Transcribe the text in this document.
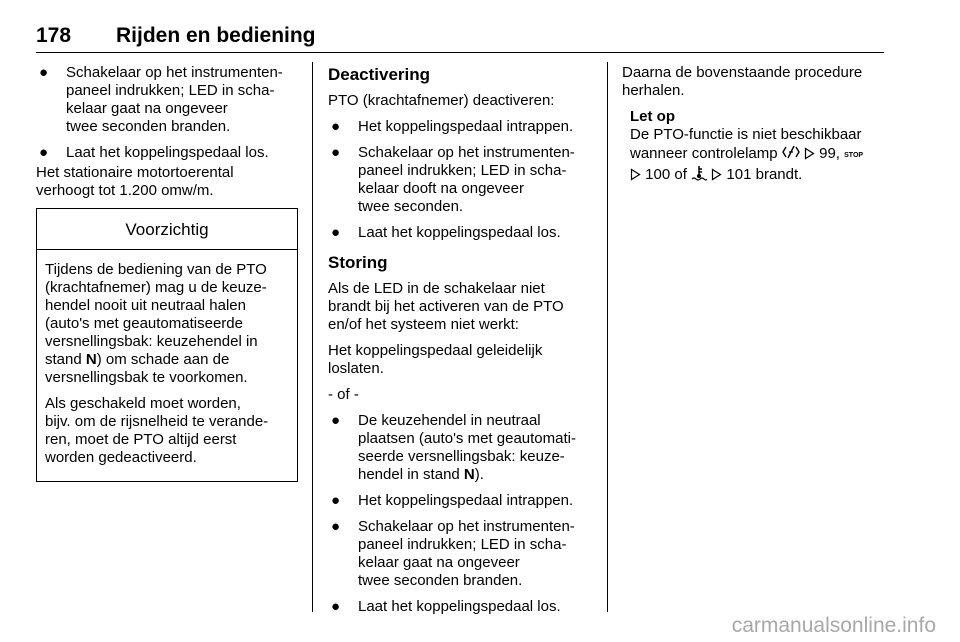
178 Rijden en bediening
● Schakelaar op het instrumenten-
paneel indrukken; LED in scha-
kelaar gaat na ongeveer
twee seconden branden.
● Laat het koppelingspedaal los.
Het stationaire motortoerental
verhoogt tot 1.200 omw/m.
Voorzichtig
Tijdens de bediening van de PTO
(krachtafnemer) mag u de keuze-
hendel nooit uit neutraal halen
(auto's met geautomatiseerde
versnellingsbak: keuzehendel in
stand N) om schade aan de
versnellingsbak te voorkomen.
Als geschakeld moet worden,
bijv. om de rijsnelheid te verande-
ren, moet de PTO altijd eerst
worden gedeactiveerd.
Deactivering
PTO (krachtafnemer) deactiveren:
● Het koppelingspedaal intrappen.
● Schakelaar op het instrumenten-
paneel indrukken; LED in scha-
kelaar dooft na ongeveer
twee seconden.
● Laat het koppelingspedaal los.
Storing
Als de LED in de schakelaar niet
brandt bij het activeren van de PTO
en/of het systeem niet werkt:
Het koppelingspedaal geleidelijk
loslaten.
- of -
● De keuzehendel in neutraal
plaatsen (auto's met geautomati-
seerde versnellingsbak: keuze-
hendel in stand N).
● Het koppelingspedaal intrappen.
● Schakelaar op het instrumenten-
paneel indrukken; LED in scha-
kelaar gaat na ongeveer
twee seconden branden.
● Laat het koppelingspedaal los.
Daarna de bovenstaande procedure
herhalen.
Let op
De PTO-functie is niet beschikbaar
wanneer controlelamp   99, STOP
100 of   101 brandt.
carmanualsonline.info
